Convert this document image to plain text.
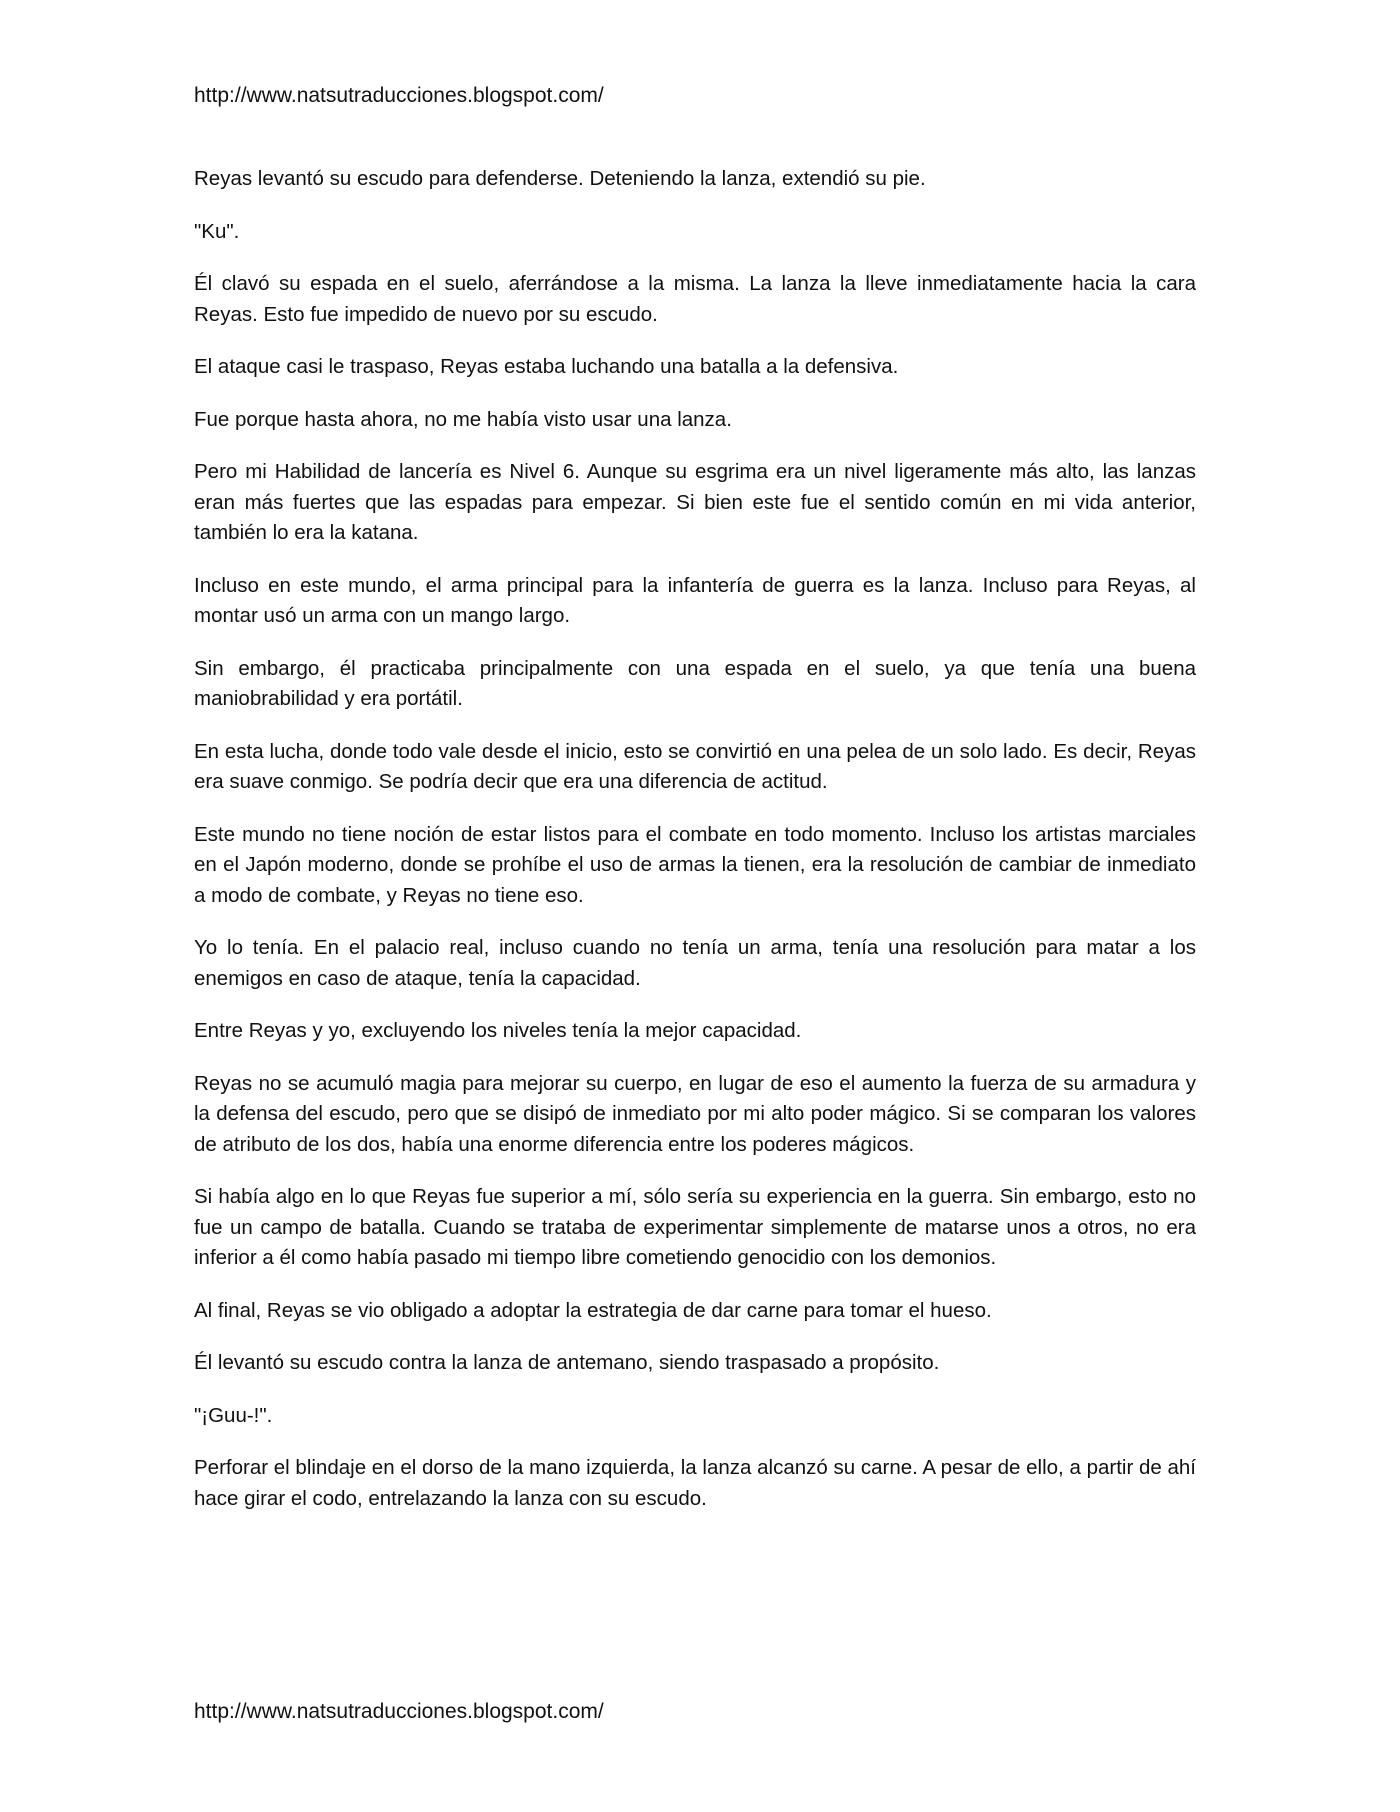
http://www.natsutraducciones.blogspot.com/

Reyas levantó su escudo para defenderse. Deteniendo la lanza, extendió su pie.

"Ku".

Él clavó su espada en el suelo, aferrándose a la misma. La lanza la lleve inmediatamente hacia la cara Reyas. Esto fue impedido de nuevo por su escudo.

El ataque casi le traspaso, Reyas estaba luchando una batalla a la defensiva.

Fue porque hasta ahora, no me había visto usar una lanza.

Pero mi Habilidad de lancería es Nivel 6. Aunque su esgrima era un nivel ligeramente más alto, las lanzas eran más fuertes que las espadas para empezar. Si bien este fue el sentido común en mi vida anterior, también lo era la katana.

Incluso en este mundo, el arma principal para la infantería de guerra es la lanza. Incluso para Reyas, al montar usó un arma con un mango largo.

Sin embargo, él practicaba principalmente con una espada en el suelo, ya que tenía una buena maniobrabilidad y era portátil.

En esta lucha, donde todo vale desde el inicio, esto se convirtió en una pelea de un solo lado. Es decir, Reyas era suave conmigo. Se podría decir que era una diferencia de actitud.

Este mundo no tiene noción de estar listos para el combate en todo momento. Incluso los artistas marciales en el Japón moderno, donde se prohíbe el uso de armas la tienen, era la resolución de cambiar de inmediato a modo de combate, y Reyas no tiene eso.

Yo lo tenía. En el palacio real, incluso cuando no tenía un arma, tenía una resolución para matar a los enemigos en caso de ataque, tenía la capacidad.

Entre Reyas y yo, excluyendo los niveles tenía la mejor capacidad.

Reyas no se acumuló magia para mejorar su cuerpo, en lugar de eso el aumento la fuerza de su armadura y la defensa del escudo, pero que se disipó de inmediato por mi alto poder mágico. Si se comparan los valores de atributo de los dos, había una enorme diferencia entre los poderes mágicos.

Si había algo en lo que Reyas fue superior a mí, sólo sería su experiencia en la guerra. Sin embargo, esto no fue un campo de batalla. Cuando se trataba de experimentar simplemente de matarse unos a otros, no era inferior a él como había pasado mi tiempo libre cometiendo genocidio con los demonios.

Al final, Reyas se vio obligado a adoptar la estrategia de dar carne para tomar el hueso.

Él levantó su escudo contra la lanza de antemano, siendo traspasado a propósito.

"¡Guu-!".

Perforar el blindaje en el dorso de la mano izquierda, la lanza alcanzó su carne. A pesar de ello, a partir de ahí hace girar el codo, entrelazando la lanza con su escudo.

http://www.natsutraducciones.blogspot.com/
